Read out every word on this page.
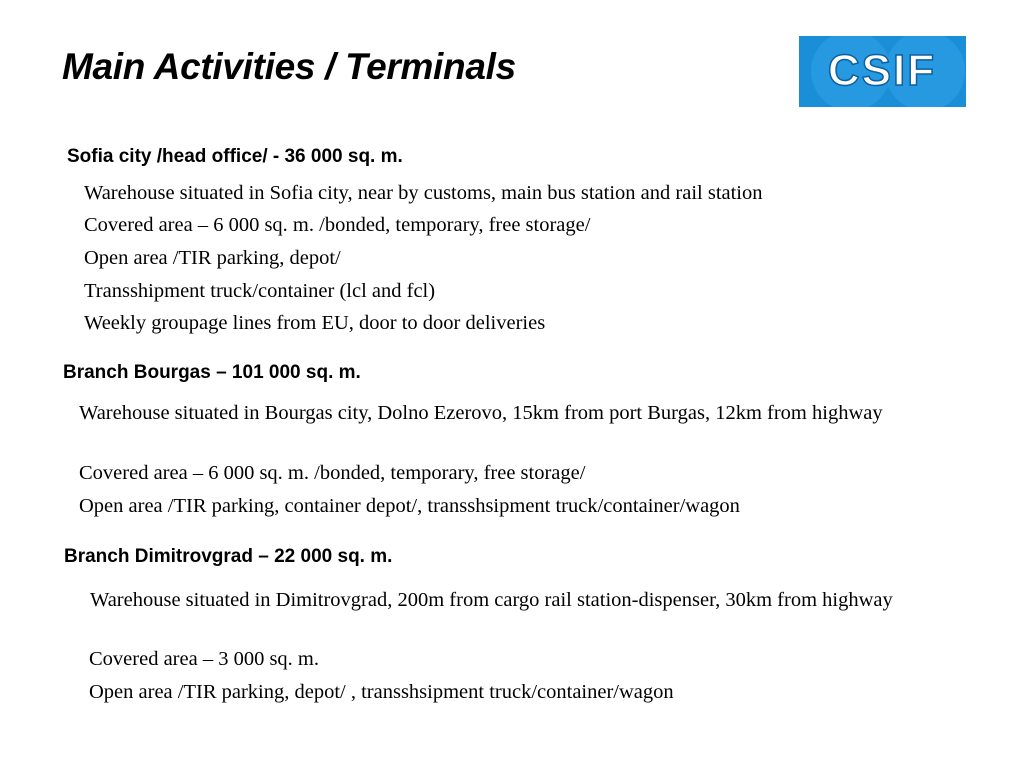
Main Activities / Terminals	CSIF
Sofia city /head office/ - 36 000 sq. m.
Warehouse situated in Sofia city, near by customs, main bus station and rail station
Covered area – 6 000 sq. m. /bonded, temporary, free storage/
Open area /TIR parking, depot/
Transshipment truck/container (lcl and fcl)
Weekly groupage lines from EU, door to door deliveries
Branch Bourgas – 101 000 sq. m.
Warehouse situated in Bourgas city, Dolno Ezerovo, 15km from port Burgas, 12km from highway
Covered area – 6 000 sq. m. /bonded, temporary, free storage/
Open area /TIR parking, container depot/, transshsipment truck/container/wagon
Branch Dimitrovgrad – 22 000 sq. m.
Warehouse situated in Dimitrovgrad, 200m from cargo rail station-dispenser, 30km from highway
Covered area – 3 000 sq. m.
Open area /TIR parking, depot/ , transshsipment truck/container/wagon
